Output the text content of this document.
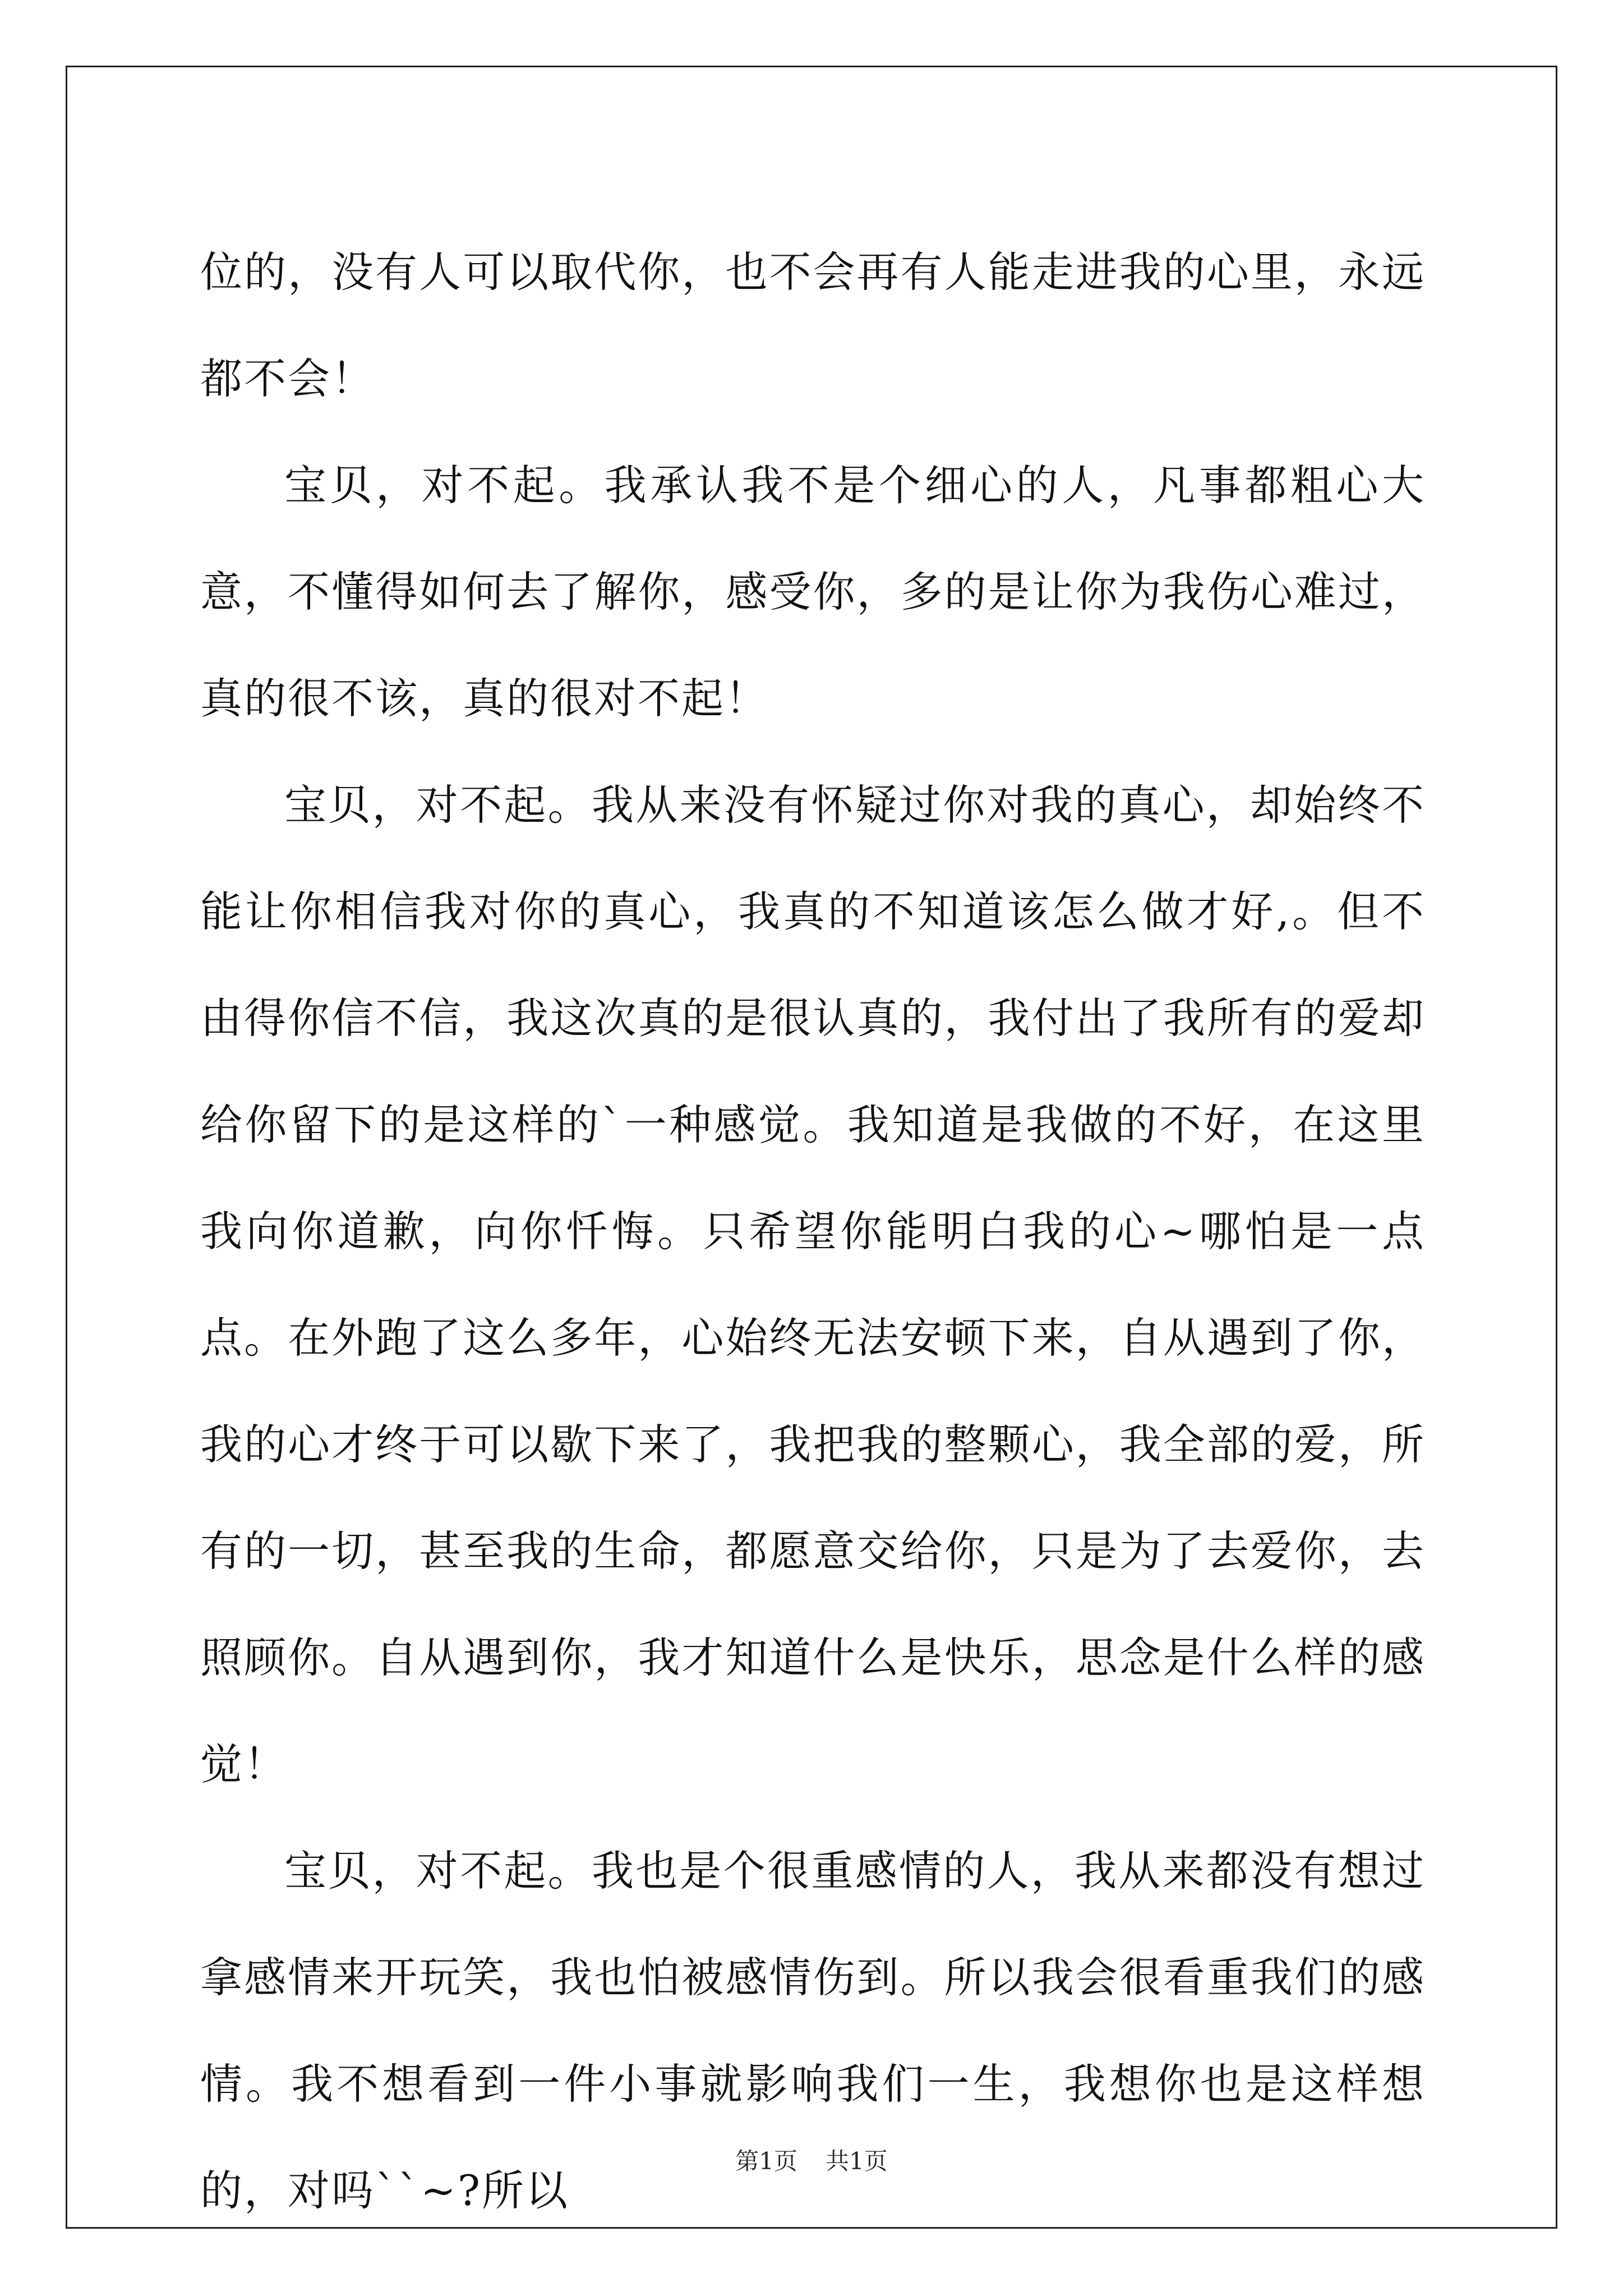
位的，没有人可以取代你，也不会再有人能走进我的心里，永远都不会！

宝贝，对不起。我承认我不是个细心的人，凡事都粗心大意，不懂得如何去了解你，感受你，多的是让你为我伤心难过，真的很不该，真的很对不起！

宝贝，对不起。我从来没有怀疑过你对我的真心，却始终不能让你相信我对你的真心，我真的不知道该怎么做才好,。但不由得你信不信，我这次真的是很认真的，我付出了我所有的爱却给你留下的是这样的`一种感觉。我知道是我做的不好，在这里我向你道歉，向你忏悔。只希望你能明白我的心~哪怕是一点点。在外跑了这么多年，心始终无法安顿下来，自从遇到了你，我的心才终于可以歇下来了，我把我的整颗心，我全部的爱，所有的一切，甚至我的生命，都愿意交给你，只是为了去爱你，去照顾你。自从遇到你，我才知道什么是快乐，思念是什么样的感觉！

宝贝，对不起。我也是个很重感情的人，我从来都没有想过拿感情来开玩笑，我也怕被感情伤到。所以我会很看重我们的感情。我不想看到一件小事就影响我们一生，我想你也是这样想的，对吗``~?所以

第1页 共1页
